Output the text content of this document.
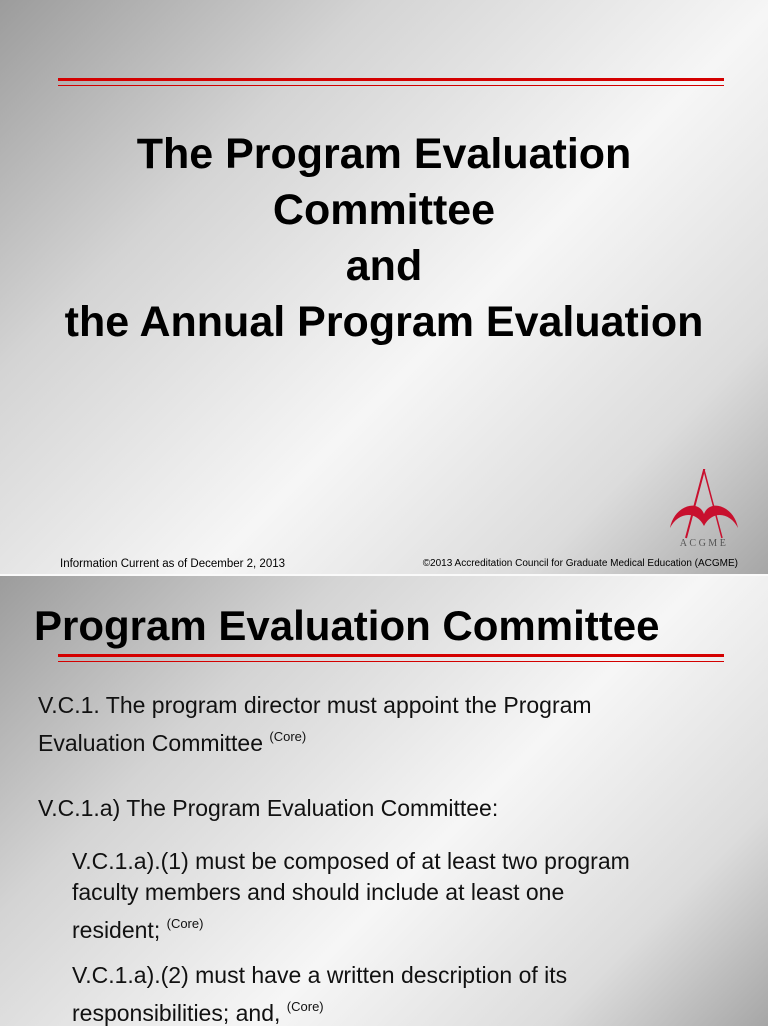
The Program Evaluation
Committee
and
the Annual Program Evaluation
ACGME
Information Current as of December 2, 2013	©2013 Accreditation Council for Graduate Medical Education (ACGME)
Program Evaluation Committee
V.C.1. The program director must appoint the Program
Evaluation Committee $^{(Core)}$
V.C.1.a) The Program Evaluation Committee:
V.C.1.a).(1) must be composed of at least two program
faculty members and should include at least one
resident; $^{(Core)}$
V.C.1.a).(2) must have a written description of its
responsibilities; and, $^{(Core)}$
